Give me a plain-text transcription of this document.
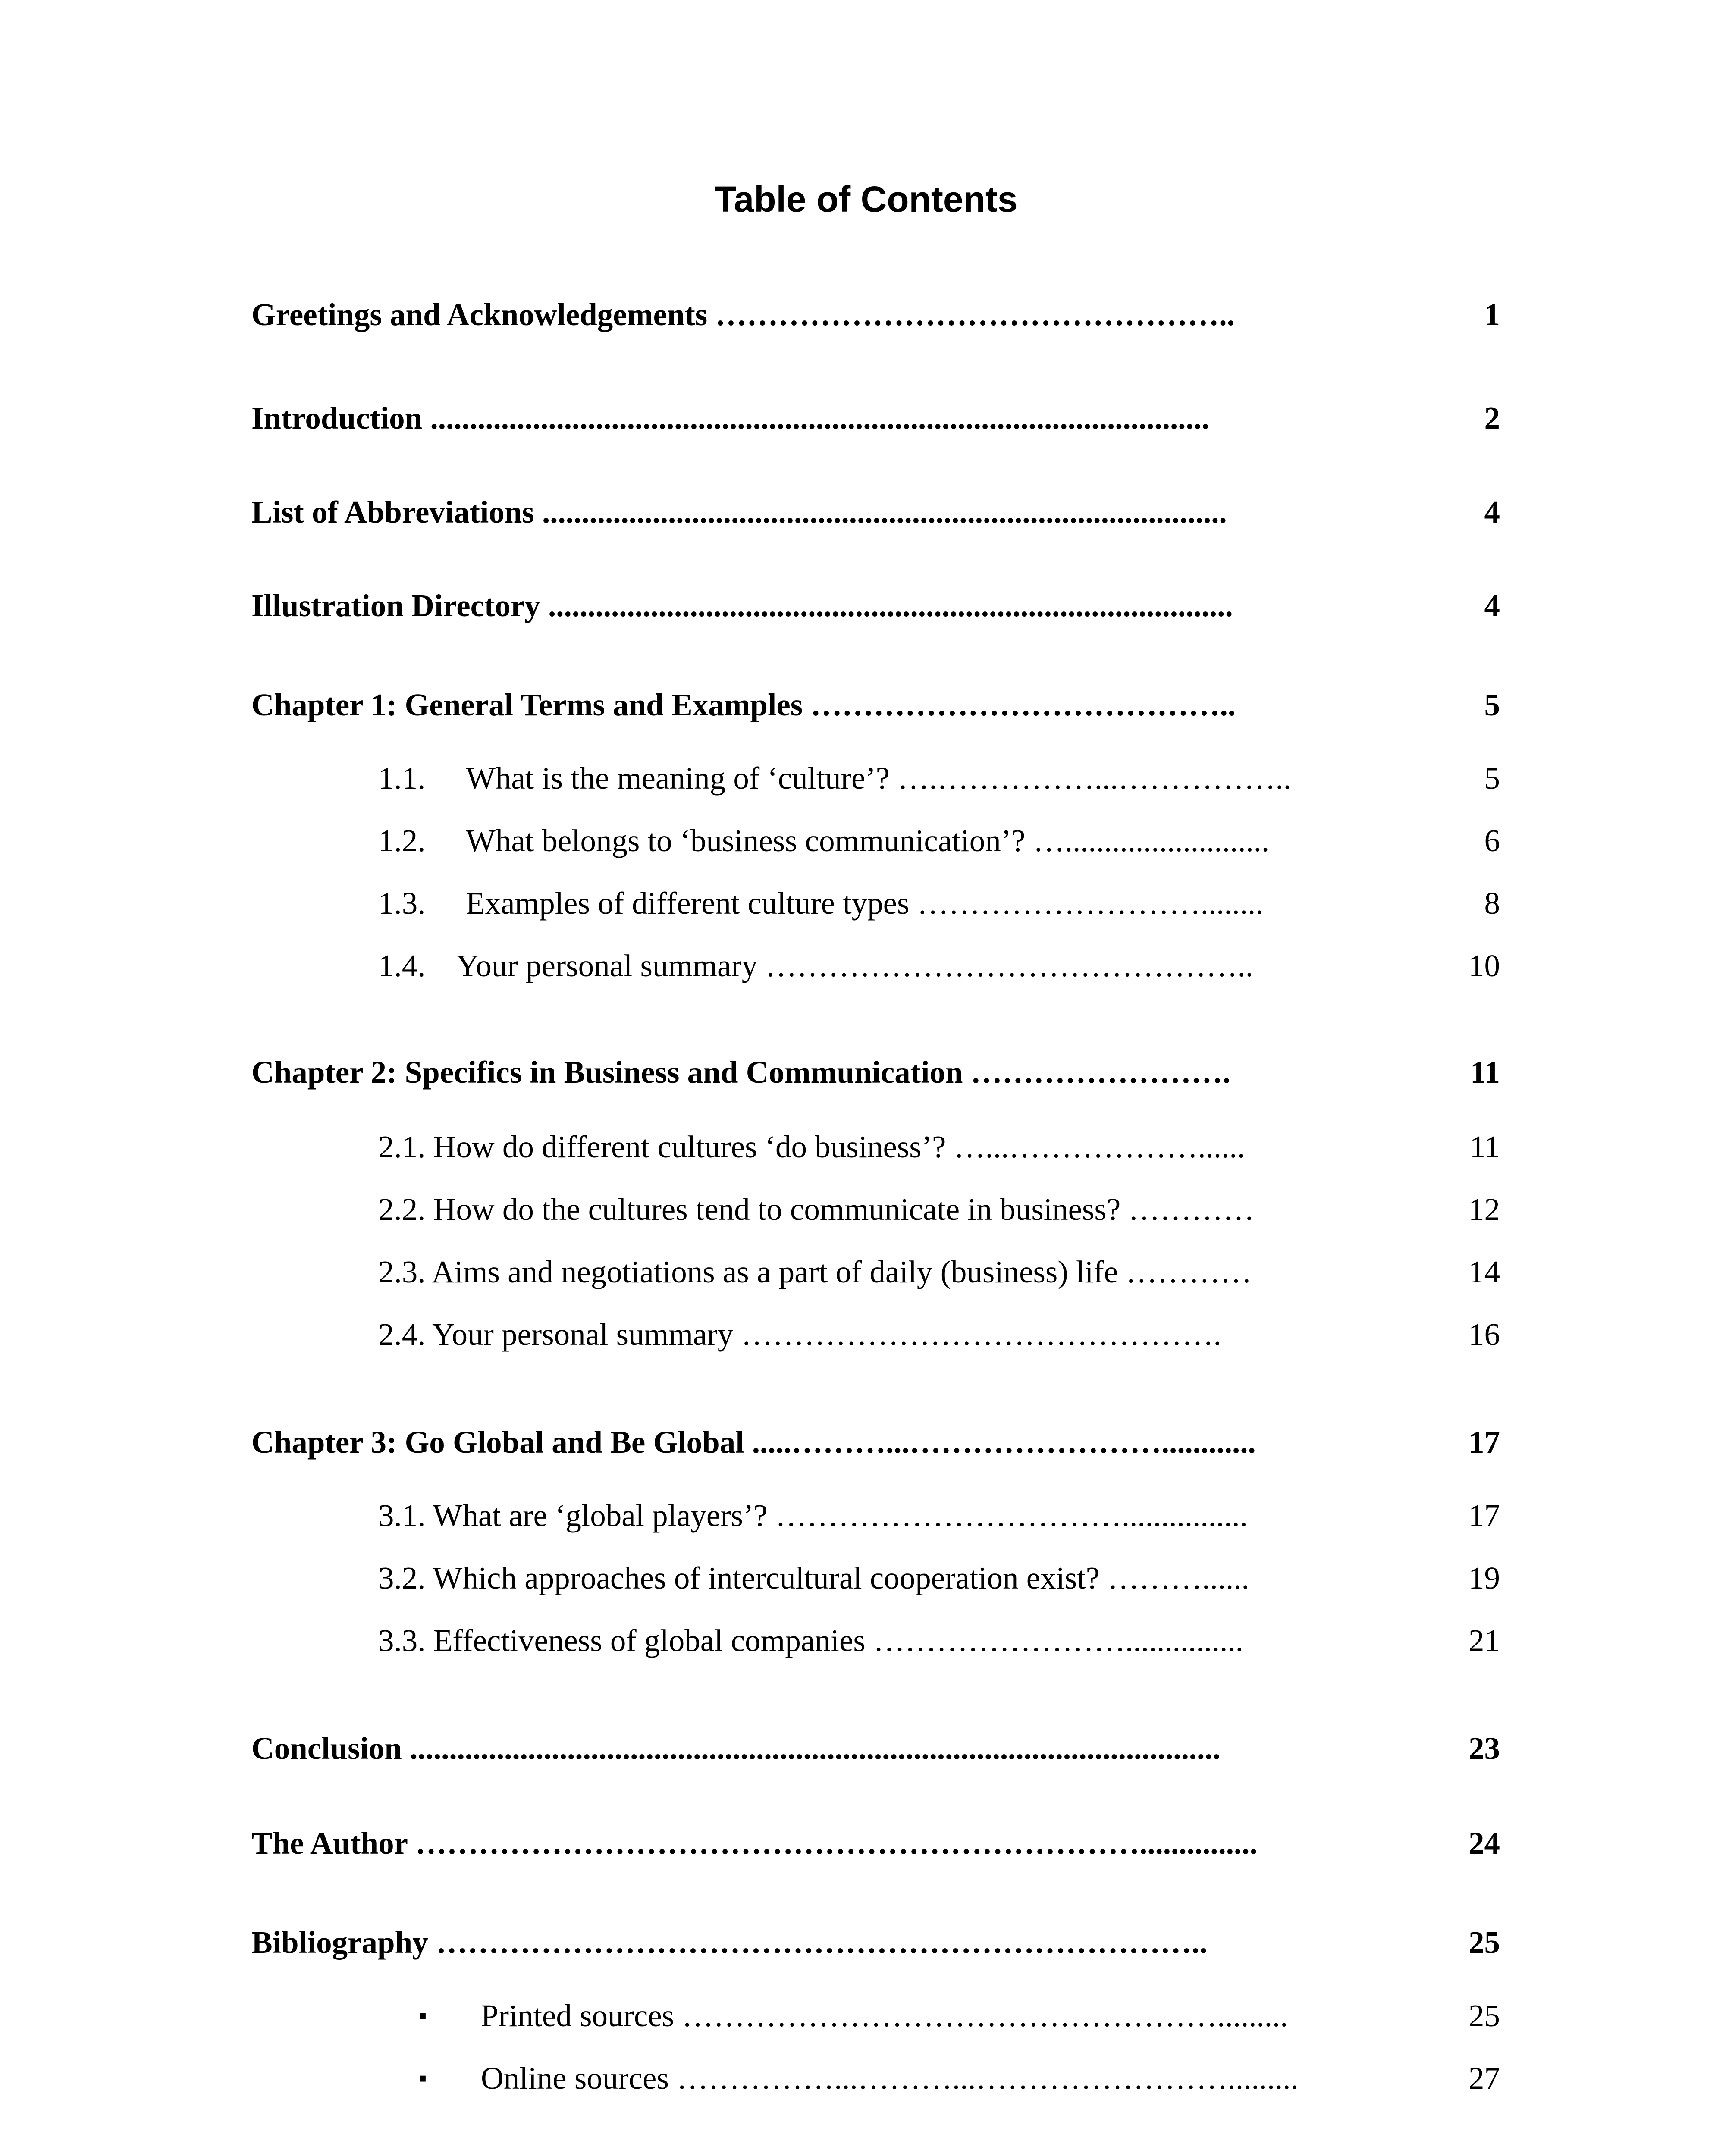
Table of Contents
Greetings and Acknowledgements …………………………………………..	1
Introduction ...................................................................................................	2
List of Abbreviations .......................................................................................	4
Illustration Directory .......................................................................................	4
Chapter 1: General Terms and Examples …………………………………..	5
1.1. What is the meaning of ‘culture’? ….……………...……………..	5
1.2. What belongs to ‘business communication’? …..........................	6
1.3. Examples of different culture types ………………………........	8
1.4. Your personal summary ………………………………………..	10
Chapter 2: Specifics in Business and Communication …………………….	11
2.1. How do different cultures ‘do business’? …...………………......	11
2.2. How do the cultures tend to communicate in business? …………	12
2.3. Aims and negotiations as a part of daily (business) life …………	14
2.4. Your personal summary ……………………………………….	16
Chapter 3: Go Global and Be Global .....………...……………………............	17
3.1. What are ‘global players’? ……………………………................	17
3.2. Which approaches of intercultural cooperation exist? ………......	19
3.3. Effectiveness of global companies ……………………...............	21
Conclusion .......................................................................................................	23
The Author ……………………………………………………………...............	24
Bibliography ………………………………………………………………..	25
▪ Printed sources …………………………………………….........	25
▪ Online sources ……………...………...…………………….........	27
